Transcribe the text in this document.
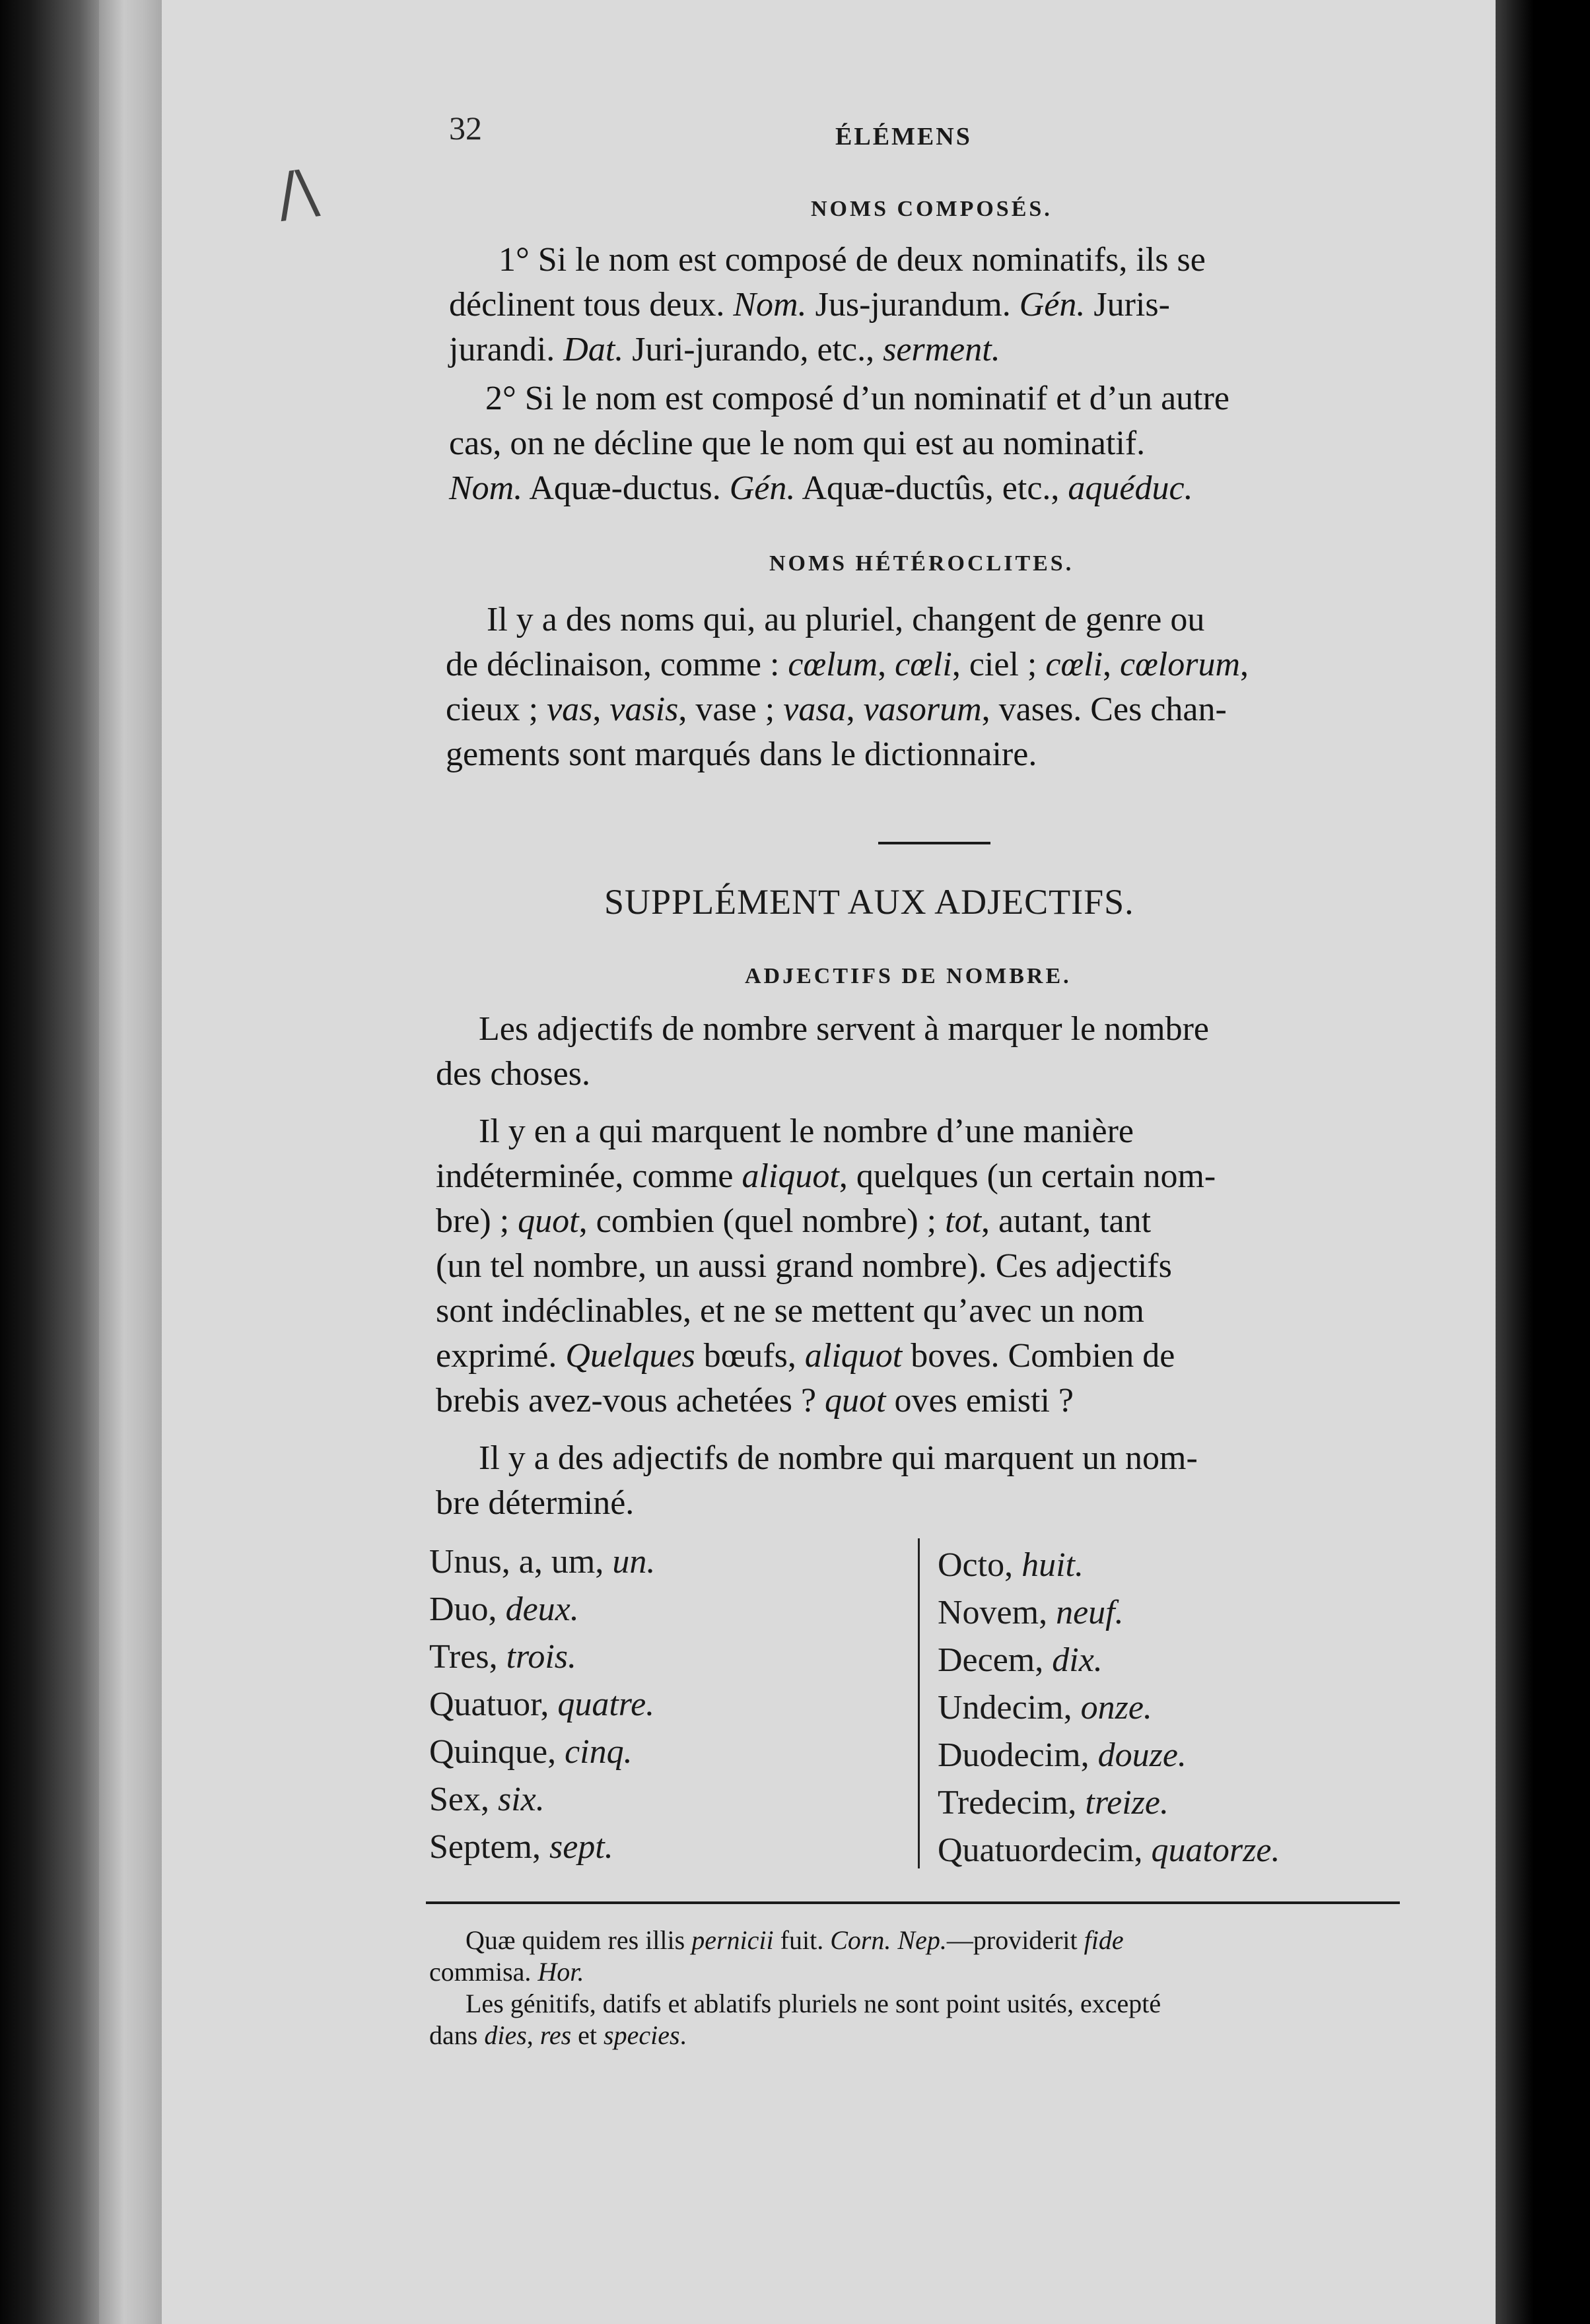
32	ÉLÉMENS
/\	NOMS COMPOSÉS.
1° Si le nom est composé de deux nominatifs, ils se
déclinent tous deux. Nom. Jus-jurandum. Gén. Juris-
jurandi. Dat. Juri-jurando, etc., serment.
2° Si le nom est composé d’un nominatif et d’un autre
cas, on ne décline que le nom qui est au nominatif.
Nom. Aquæ-ductus. Gén. Aquæ-ductûs, etc., aquéduc.
NOMS HÉTÉROCLITES.
Il y a des noms qui, au pluriel, changent de genre ou
de déclinaison, comme : cœlum, cœli, ciel ; cœli, cœlorum,
cieux ; vas, vasis, vase ; vasa, vasorum, vases. Ces chan-
gements sont marqués dans le dictionnaire.
SUPPLÉMENT AUX ADJECTIFS.
ADJECTIFS DE NOMBRE.
Les adjectifs de nombre servent à marquer le nombre
des choses.
Il y en a qui marquent le nombre d’une manière
indéterminée, comme aliquot, quelques (un certain nom-
bre) ; quot, combien (quel nombre) ; tot, autant, tant
(un tel nombre, un aussi grand nombre). Ces adjectifs
sont indéclinables, et ne se mettent qu’avec un nom
exprimé. Quelques bœufs, aliquot boves. Combien de
brebis avez-vous achetées ? quot oves emisti ?
Il y a des adjectifs de nombre qui marquent un nom-
bre déterminé.
Unus, a, um, un.
Duo, deux.
Tres, trois.
Quatuor, quatre.
Quinque, cinq.
Sex, six.
Septem, sept.
Octo, huit.
Novem, neuf.
Decem, dix.
Undecim, onze.
Duodecim, douze.
Tredecim, treize.
Quatuordecim, quatorze.
Quæ quidem res illis pernicii fuit. Corn. Nep.—providerit fide
commisa. Hor.
Les génitifs, datifs et ablatifs pluriels ne sont point usités, excepté
dans dies, res et species.
